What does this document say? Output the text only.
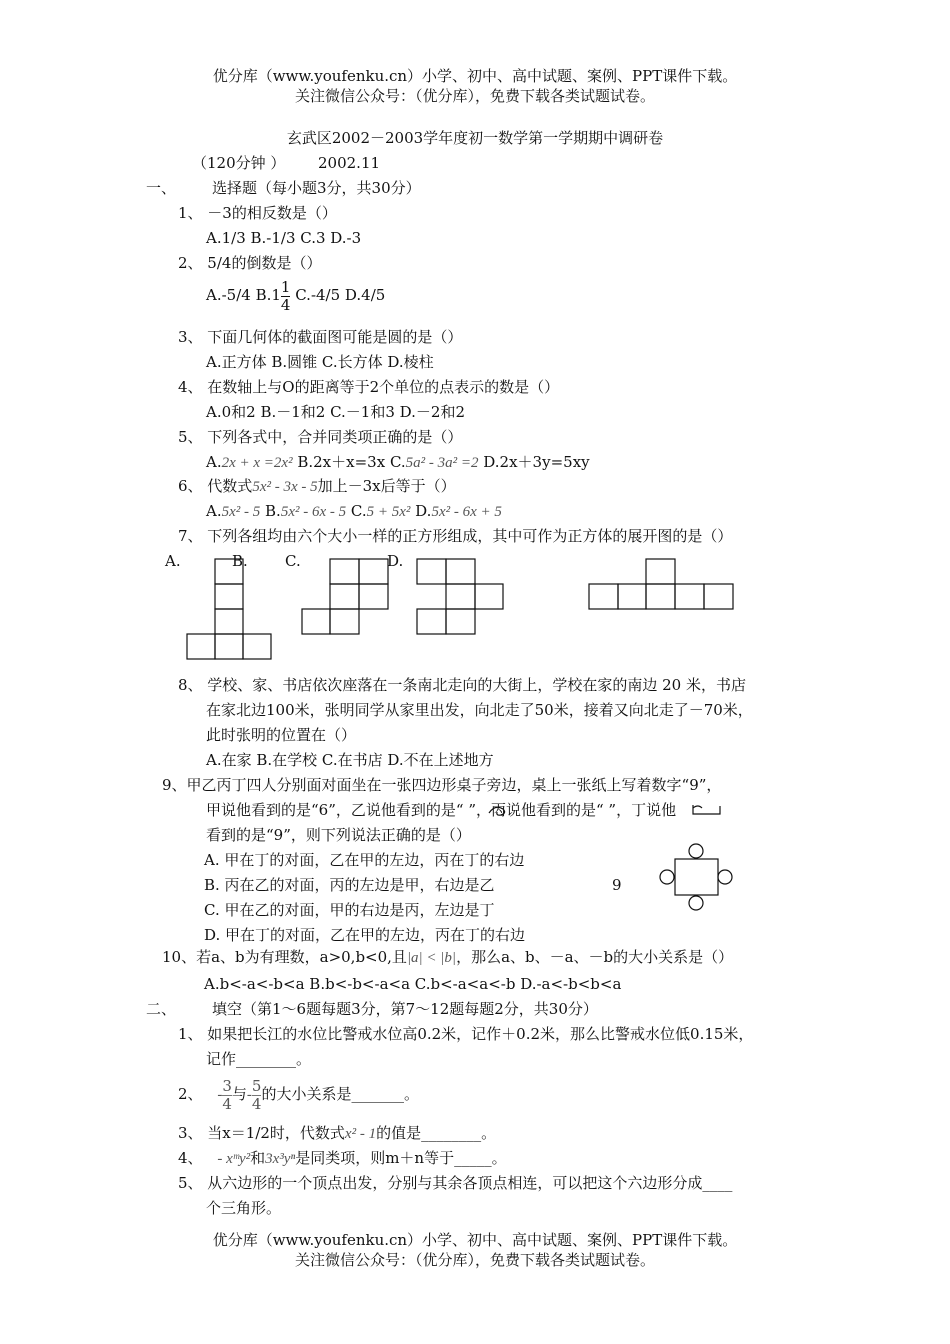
优分库（www.youfenku.cn）小学、初中、高中试题、案例、PPT课件下载。
关注微信公众号：（优分库），免费下载各类试题试卷。
玄武区2002－2003学年度初一数学第一学期期中调研卷
（120分钟 ） 2002.11
一、 选择题（每小题3分，共30分）
1、 －3的相反数是（）
A.1/3 B.-1/3 C.3 D.-3
2、 5/4的倒数是（）
A.-5/4 $B.1 \frac{1}{4} C.-4/5$ D.4/5
3、 下面几何体的截面图可能是圆的是（）
A.正方体 B.圆锥 C.长方体 D.棱柱
4、 在数轴上与O的距离等于2个单位的点表示的数是（）
A.0和2 B.－1和2 C.－1和3 D.－2和2
5、 下列各式中，合并同类项正确的是（）
A.2x + x =2x² B.2x＋x=3x C.5a² - 3a² =2 D.2x＋3y=5xy
6、 代数式5x² - 3x - 5加上－3x后等于（）
A.5x² - 5 B.5x² - 6x - 5 C.5 + 5x² D.5x² - 6x + 5
7、 下列各组均由六个大小一样的正方形组成，其中可作为正方体的展开图的是（）
A.	B. C.	D.
8、 学校、家、书店依次座落在一条南北走向的大街上，学校在家的南边 20 米，书店
在家北边100米，张明同学从家里出发，向北走了50米，接着又向北走了－70米，
此时张明的位置在（）
A.在家 B.在学校 C.在书店 D.不在上述地方
9、甲乙丙丁四人分别面对面坐在一张四边形桌子旁边，桌上一张纸上写着数字“9”，
甲说他看到的是“6”，乙说他看到的是“ ”，丙说他看到的是“ ”，丁说他
看到的是“9”，则下列说法正确的是（）
A. 甲在丁的对面，乙在甲的左边，丙在丁的右边
B. 丙在乙的对面，丙的左边是甲，右边是乙
C. 甲在乙的对面，甲的右边是丙，左边是丁
D. 甲在丁的对面，乙在甲的左边，丙在丁的右边
9
10、若a、b为有理数，a>0,b<0,且|a| < |b|，那么a、b、－a、－b的大小关系是（）
A.b<-a<-b<a B.b<-b<-a<a C.b<-a<a<-b D.-a<-b<b<a
二、 填空（第1～6题每题3分，第7～12题每题2分，共30分）
1、 如果把长江的水位比警戒水位高0.2米，记作＋0.2米，那么比警戒水位低0.15米，
记作________。
2、 - $\frac{3}{4}$ 与- $\frac{5}{4}$ 的大小关系是_______。
3、 当x＝1/2时，代数式x² - 1的值是________。
4、 - xᵐy²和3x³yⁿ是同类项，则m＋n等于_____。
5、 从六边形的一个顶点出发，分别与其余各顶点相连，可以把这个六边形分成____
个三角形。
优分库（www.youfenku.cn）小学、初中、高中试题、案例、PPT课件下载。
关注微信公众号：（优分库），免费下载各类试题试卷。
